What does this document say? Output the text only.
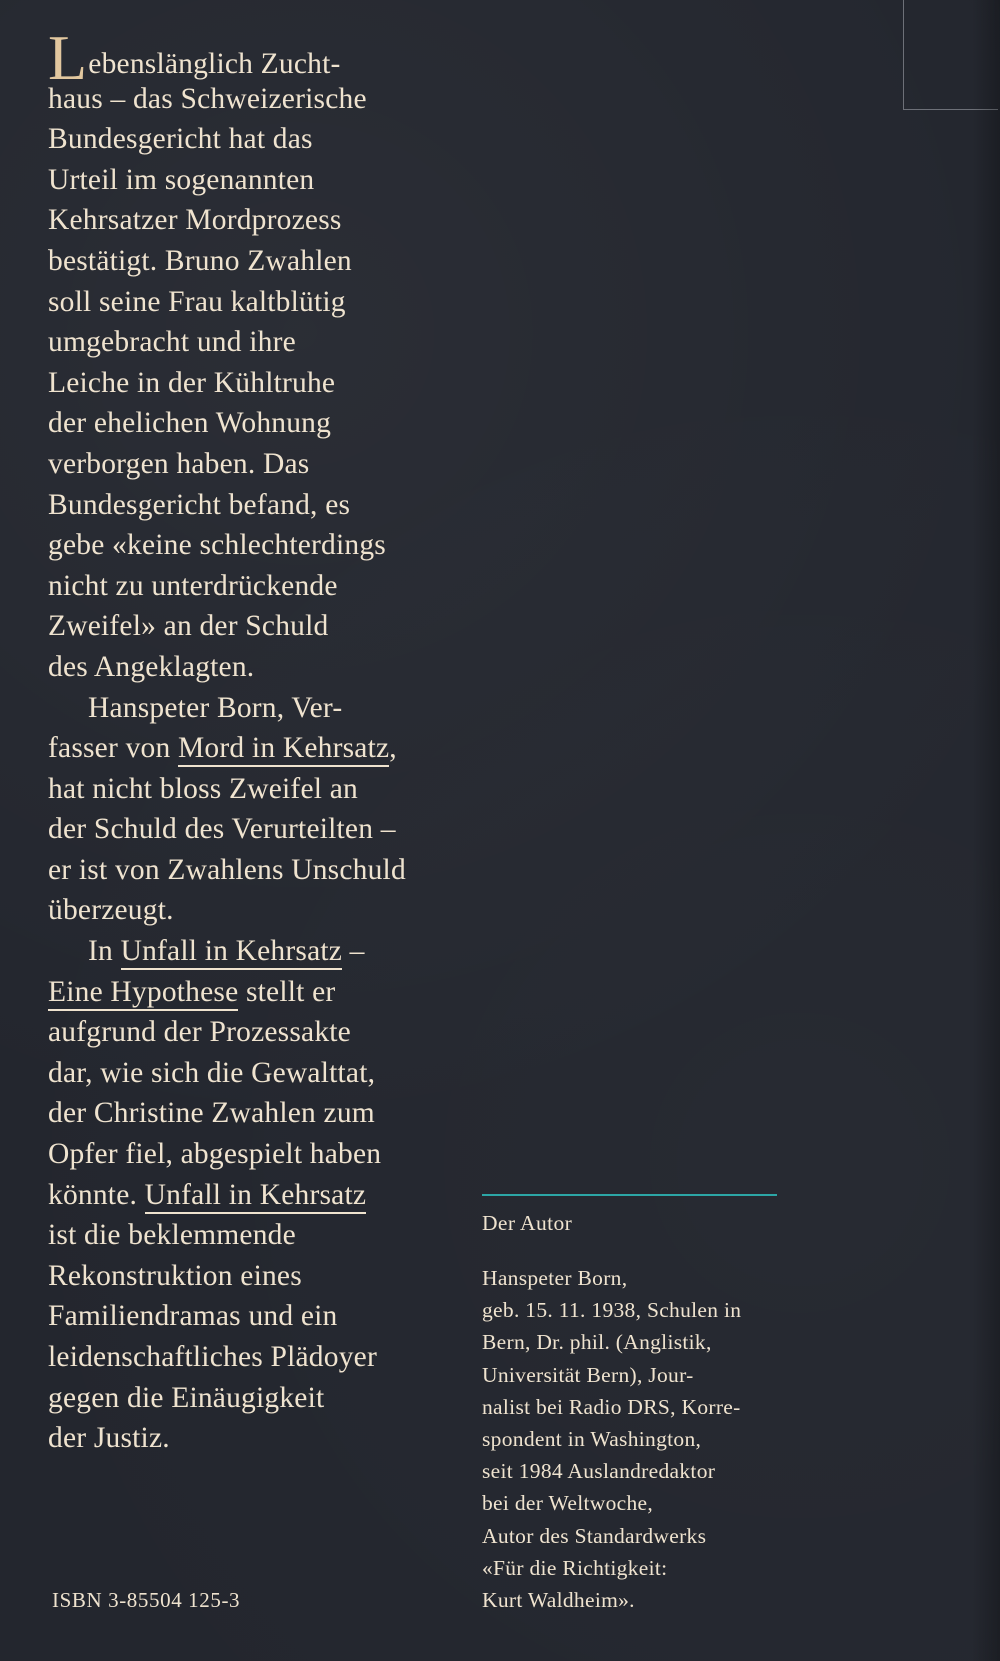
Lebenslänglich Zucht-
haus – das Schweizerische
Bundesgericht hat das
Urteil im sogenannten
Kehrsatzer Mordprozess
bestätigt. Bruno Zwahlen
soll seine Frau kaltblütig
umgebracht und ihre
Leiche in der Kühltruhe
der ehelichen Wohnung
verborgen haben. Das
Bundesgericht befand, es
gebe «keine schlechterdings
nicht zu unterdrückende
Zweifel» an der Schuld
des Angeklagten.
Hanspeter Born, Ver-
fasser von Mord in Kehrsatz,
hat nicht bloss Zweifel an
der Schuld des Verurteilten –
er ist von Zwahlens Unschuld
überzeugt.
In Unfall in Kehrsatz –
Eine Hypothese stellt er
aufgrund der Prozessakte
dar, wie sich die Gewalttat,
der Christine Zwahlen zum
Opfer fiel, abgespielt haben
könnte. Unfall in Kehrsatz
ist die beklemmende
Rekonstruktion eines
Familiendramas und ein
leidenschaftliches Plädoyer
gegen die Einäugigkeit
der Justiz.
Der Autor
Hanspeter Born,
geb. 15. 11. 1938, Schulen in
Bern, Dr. phil. (Anglistik,
Universität Bern), Jour-
nalist bei Radio DRS, Korre-
spondent in Washington,
seit 1984 Auslandredaktor
bei der Weltwoche,
Autor des Standardwerks
«Für die Richtigkeit:
Kurt Waldheim».
ISBN 3-85504 125-3
